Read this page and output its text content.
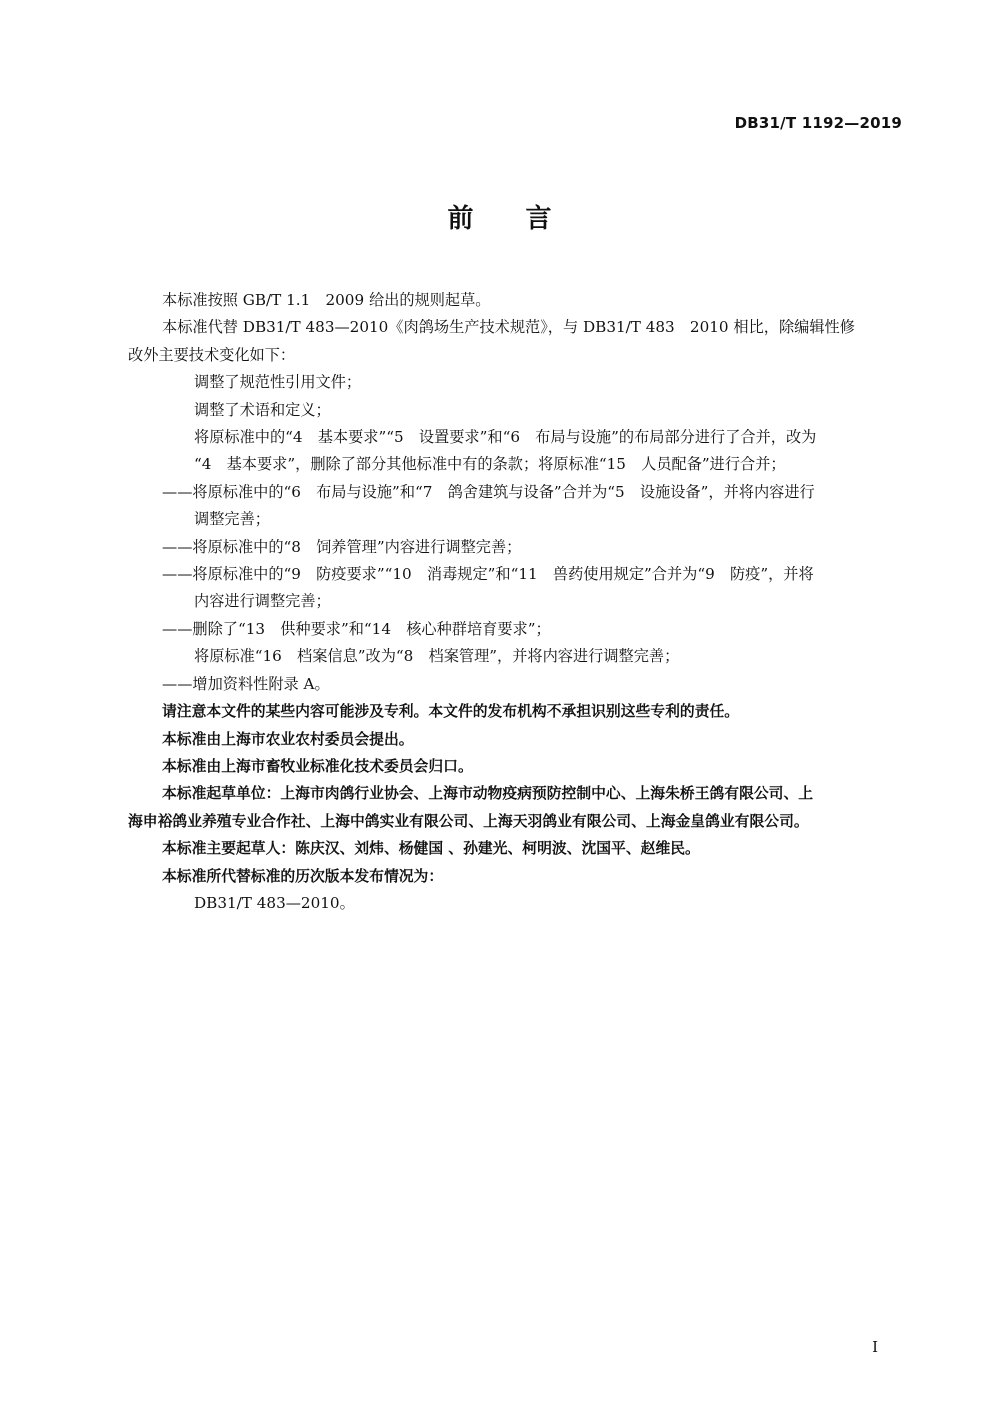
DB31/T 1192—2019
前 言

本标准按照 GB/T 1.1　2009 给出的规则起草。

本标准代替 DB31/T 483—2010《肉鸽场生产技术规范》，与 DB31/T 483　2010 相比，除编辑性修

改外主要技术变化如下：

调整了规范性引用文件；

调整了术语和定义；

将原标准中的“4　基本要求”“5　设置要求”和“6　布局与设施”的布局部分进行了合并，改为

“4　基本要求”，删除了部分其他标准中有的条款；将原标准“15　人员配备”进行合并；

——将原标准中的“6　布局与设施”和“7　鸽舍建筑与设备”合并为“5　设施设备”，并将内容进行

调整完善；

——将原标准中的“8　饲养管理”内容进行调整完善；

——将原标准中的“9　防疫要求”“10　消毒规定”和“11　兽药使用规定”合并为“9　防疫”，并将

内容进行调整完善；

——删除了“13　供种要求”和“14　核心种群培育要求”；

将原标准“16　档案信息”改为“8　档案管理”，并将内容进行调整完善；

——增加资料性附录 A。

请注意本文件的某些内容可能涉及专利。本文件的发布机构不承担识别这些专利的责任。

本标准由上海市农业农村委员会提出。

本标准由上海市畜牧业标准化技术委员会归口。

本标准起草单位：上海市肉鸽行业协会、上海市动物疫病预防控制中心、上海朱桥王鸽有限公司、上

海申裕鸽业养殖专业合作社、上海中鸽实业有限公司、上海天羽鸽业有限公司、上海金皇鸽业有限公司。

本标准主要起草人：陈庆汉、刘炜、杨健国 、孙建光、柯明波、沈国平、赵维民。

本标准所代替标准的历次版本发布情况为：

DB31/T 483—2010。

I
